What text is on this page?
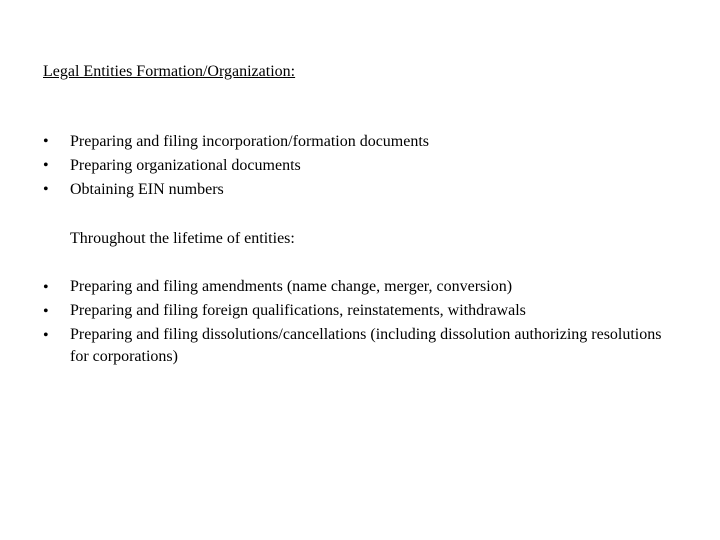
Legal Entities Formation/Organization:
•	Preparing and filing incorporation/formation documents
•	Preparing organizational documents
•	Obtaining EIN numbers
Throughout the lifetime of entities:
•	Preparing and filing amendments (name change, merger, conversion)
•	Preparing and filing foreign qualifications, reinstatements, withdrawals
•	Preparing and filing dissolutions/cancellations (including dissolution authorizing resolutions for corporations)
